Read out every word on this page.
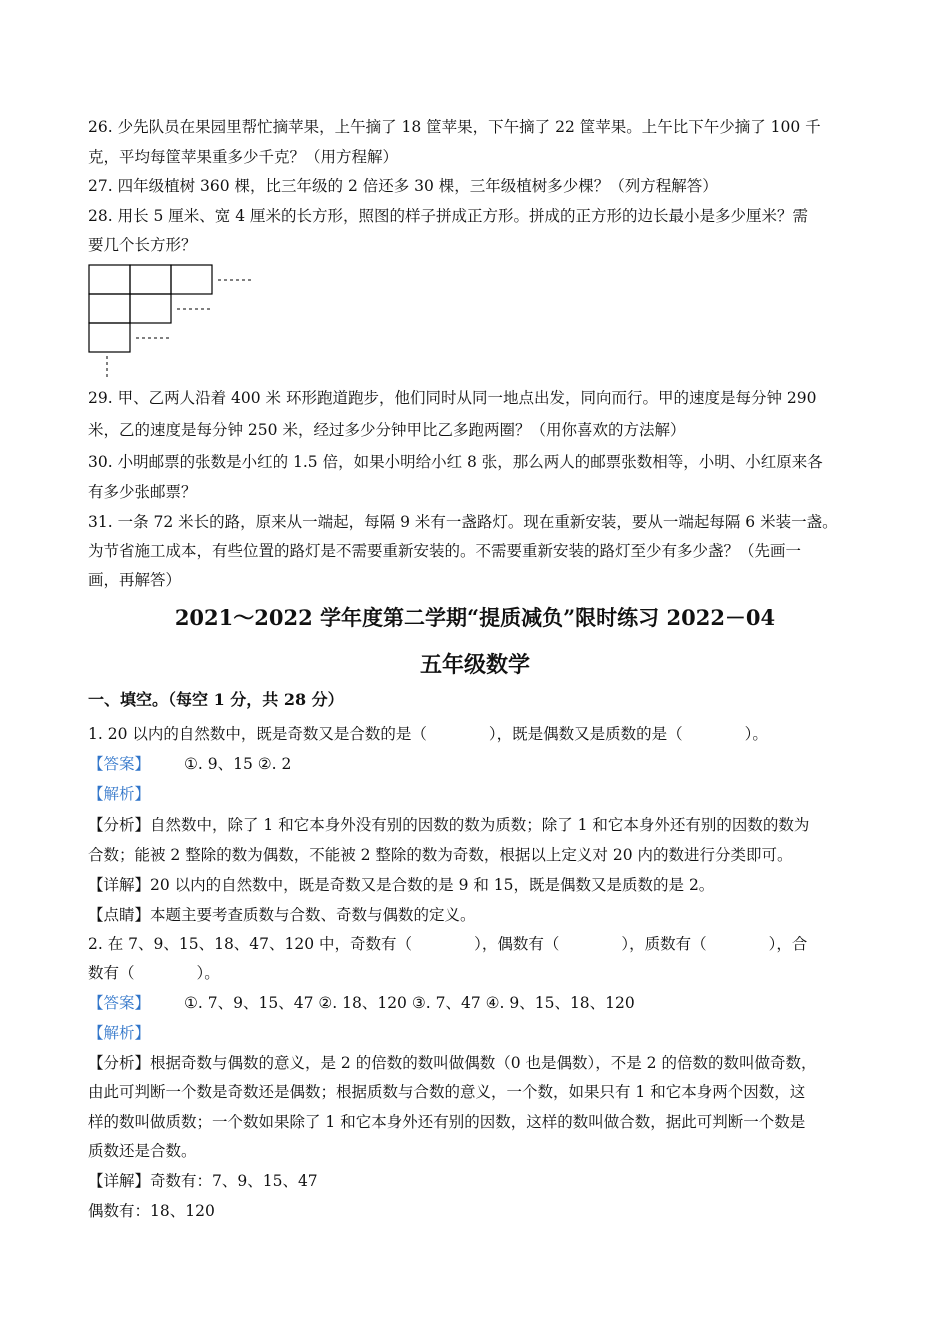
26. 少先队员在果园里帮忙摘苹果，上午摘了 18 筐苹果，下午摘了 22 筐苹果。上午比下午少摘了 100 千
克，平均每筐苹果重多少千克？（用方程解）
27. 四年级植树 360 棵，比三年级的 2 倍还多 30 棵，三年级植树多少棵？（列方程解答）
28. 用长 5 厘米、宽 4 厘米的长方形，照图的样子拼成正方形。拼成的正方形的边长最小是多少厘米？需
要几个长方形？
29. 甲、乙两人沿着 400 米 环形跑道跑步，他们同时从同一地点出发，同向而行。甲的速度是每分钟 290
米，乙的速度是每分钟 250 米，经过多少分钟甲比乙多跑两圈？（用你喜欢的方法解）
30. 小明邮票的张数是小红的 1.5 倍，如果小明给小红 8 张，那么两人的邮票张数相等，小明、小红原来各
有多少张邮票？
31. 一条 72 米长的路，原来从一端起，每隔 9 米有一盏路灯。现在重新安装，要从一端起每隔 6 米装一盏。
为节省施工成本，有些位置的路灯是不需要重新安装的。不需要重新安装的路灯至少有多少盏？（先画一
画，再解答）
2021～2022 学年度第二学期“提质减负”限时练习 2022－04
五年级数学
一、填空。（每空 1 分，共 28 分）
1. 20 以内的自然数中，既是奇数又是合数的是（	），既是偶数又是质数的是（	）。
【答案】 ①. 9、15 ②. 2
【解析】
【分析】自然数中，除了 1 和它本身外没有别的因数的数为质数；除了 1 和它本身外还有别的因数的数为
合数；能被 2 整除的数为偶数，不能被 2 整除的数为奇数，根据以上定义对 20 内的数进行分类即可。
【详解】20 以内的自然数中，既是奇数又是合数的是 9 和 15，既是偶数又是质数的是 2。
【点睛】本题主要考查质数与合数、奇数与偶数的定义。
2. 在 7、9、15、18、47、120 中，奇数有（	），偶数有（	），质数有（	），合
数有（	）。
【答案】 ①. 7、9、15、47 ②. 18、120 ③. 7、47 ④. 9、15、18、120
【解析】
【分析】根据奇数与偶数的意义，是 2 的倍数的数叫做偶数（0 也是偶数），不是 2 的倍数的数叫做奇数，
由此可判断一个数是奇数还是偶数；根据质数与合数的意义，一个数，如果只有 1 和它本身两个因数，这
样的数叫做质数；一个数如果除了 1 和它本身外还有别的因数，这样的数叫做合数，据此可判断一个数是
质数还是合数。
【详解】奇数有：7、9、15、47
偶数有：18、120
